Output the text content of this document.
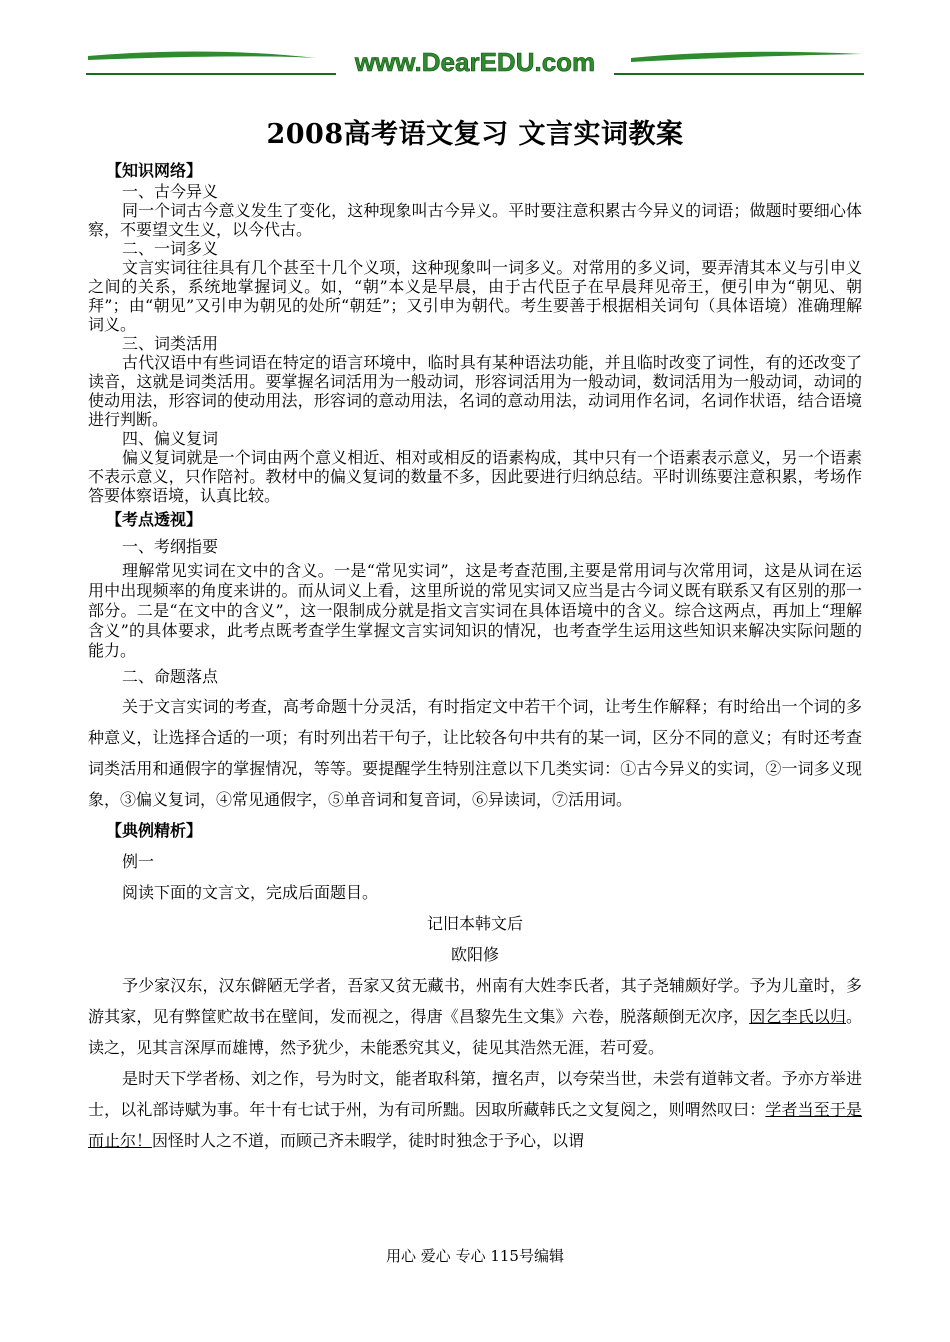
www.DearEDU.com
2008高考语文复习 文言实词教案

【知识网络】

一、古今异义

同一个词古今意义发生了变化，这种现象叫古今异义。平时要注意积累古今异义的词语；做题时要细心体察，不要望文生义，以今代古。

二、一词多义

文言实词往往具有几个甚至十几个义项，这种现象叫一词多义。对常用的多义词，要弄清其本义与引申义之间的关系，系统地掌握词义。如，“朝”本义是早晨，由于古代臣子在早晨拜见帝王，便引申为“朝见、朝拜”；由“朝见”又引申为朝见的处所“朝廷”；又引申为朝代。考生要善于根据相关词句（具体语境）准确理解词义。

三、词类活用

古代汉语中有些词语在特定的语言环境中，临时具有某种语法功能，并且临时改变了词性，有的还改变了读音，这就是词类活用。要掌握名词活用为一般动词，形容词活用为一般动词，数词活用为一般动词，动词的使动用法，形容词的使动用法，形容词的意动用法，名词的意动用法，动词用作名词，名词作状语，结合语境进行判断。

四、偏义复词

偏义复词就是一个词由两个意义相近、相对或相反的语素构成，其中只有一个语素表示意义，另一个语素不表示意义，只作陪衬。教材中的偏义复词的数量不多，因此要进行归纳总结。平时训练要注意积累，考场作答要体察语境，认真比较。

【考点透视】

一、考纲指要

理解常见实词在文中的含义。一是“常见实词”，这是考查范围,主要是常用词与次常用词，这是从词在运用中出现频率的角度来讲的。而从词义上看，这里所说的常见实词又应当是古今词义既有联系又有区别的那一部分。二是“在文中的含义”，这一限制成分就是指文言实词在具体语境中的含义。综合这两点，再加上“理解含义”的具体要求，此考点既考查学生掌握文言实词知识的情况，也考查学生运用这些知识来解决实际问题的能力。

二、命题落点

关于文言实词的考查，高考命题十分灵活，有时指定文中若干个词，让考生作解释；有时给出一个词的多种意义，让选择合适的一项；有时列出若干句子，让比较各句中共有的某一词，区分不同的意义；有时还考查词类活用和通假字的掌握情况，等等。要提醒学生特别注意以下几类实词：①古今异义的实词，②一词多义现象，③偏义复词，④常见通假字，⑤单音词和复音词，⑥异读词，⑦活用词。

【典例精析】

例一

阅读下面的文言文，完成后面题目。

记旧本韩文后

欧阳修

予少家汉东，汉东僻陋无学者，吾家又贫无藏书，州南有大姓李氏者，其子尧辅颇好学。予为儿童时，多游其家，见有弊筐贮故书在壁间，发而视之，得唐《昌黎先生文集》六卷，脱落颠倒无次序，因乞李氏以归。读之，见其言深厚而雄博，然予犹少，未能悉究其义，徒见其浩然无涯，若可爱。

是时天下学者杨、刘之作，号为时文，能者取科第，擅名声，以夸荣当世，未尝有道韩文者。予亦方举进士，以礼部诗赋为事。年十有七试于州，为有司所黜。因取所藏韩氏之文复阅之，则喟然叹曰：学者当至于是而止尔！因怪时人之不道，而顾己齐未暇学，徒时时独念于予心，以谓

用心 爱心 专心 115号编辑
